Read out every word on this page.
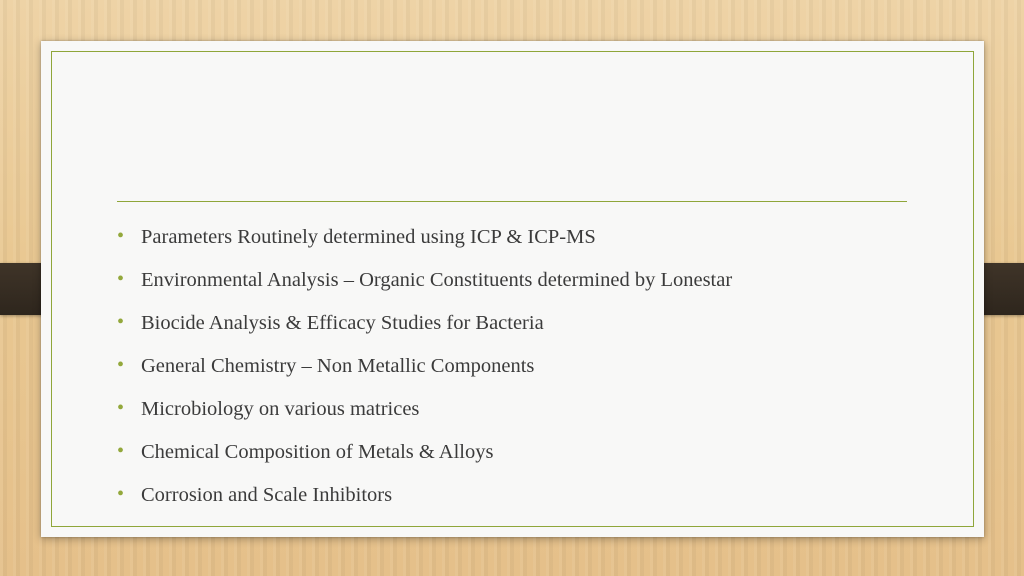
• Parameters Routinely determined using ICP & ICP-MS
• Environmental Analysis – Organic Constituents determined by Lonestar
• Biocide Analysis & Efficacy Studies for Bacteria
• General Chemistry – Non Metallic Components
• Microbiology on various matrices
• Chemical Composition of Metals & Alloys
• Corrosion and Scale Inhibitors
